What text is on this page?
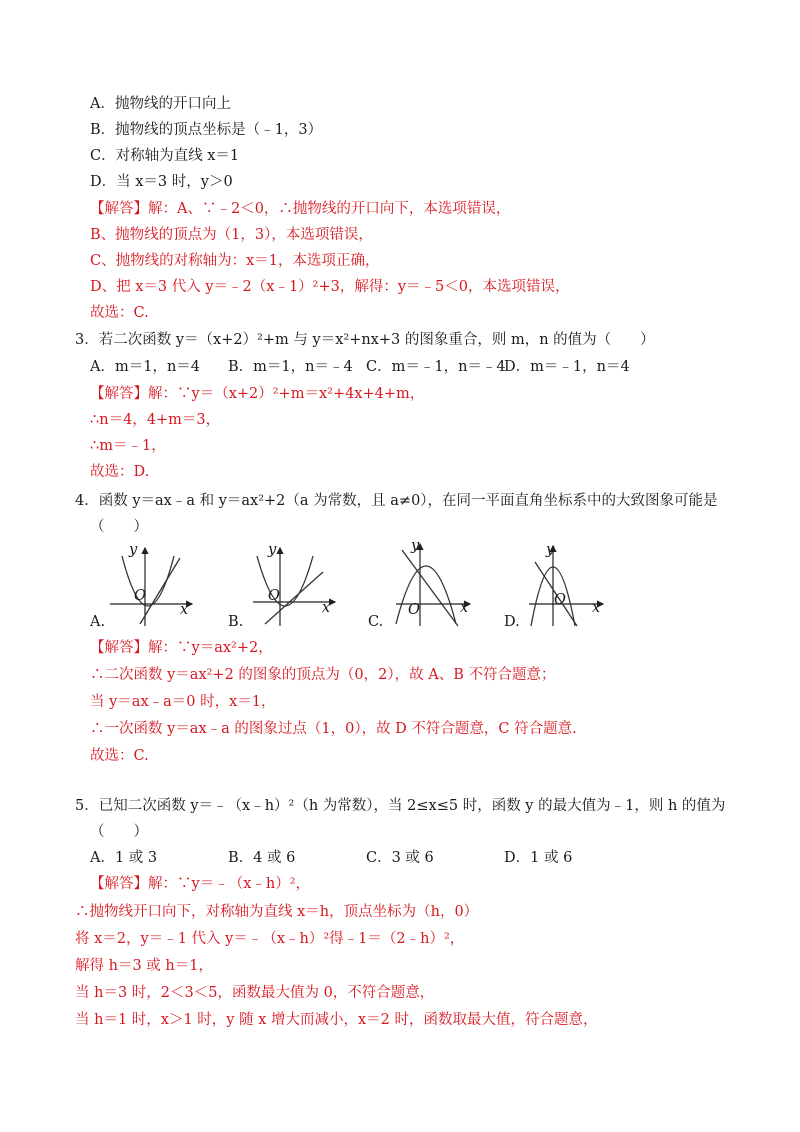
A．抛物线的开口向上
B．抛物线的顶点坐标是（﹣1，3）
C．对称轴为直线 x＝1
D．当 x＝3 时，y＞0
【解答】解：A、∵﹣2＜0，∴抛物线的开口向下，本选项错误，
B、抛物线的顶点为（1，3），本选项错误，
C、抛物线的对称轴为：x＝1，本选项正确，
D、把 x＝3 代入 y＝﹣2（x﹣1）²+3，解得：y＝﹣5＜0，本选项错误，
故选：C.
3．若二次函数 y＝（x+2）²+m 与 y＝x²+nx+3 的图象重合，则 m，n 的值为（　　）
A．m＝1，n＝4 B．m＝1，n＝﹣4 C．m＝﹣1，n＝﹣4
D．m＝﹣1，n＝4
【解答】解：∵y＝（x+2）²+m＝x²+4x+4+m，
∴n＝4，4+m＝3，
∴m＝﹣1，
故选：D.
4．函数 y＝ax﹣a 和 y＝ax²+2（a 为常数，且 a≠0），在同一平面直角坐标系中的大致图象可能是
（　　）
y
x
O
A.
y
x
O
B.
y
x
O
C.
y
x
O
D.
【解答】解：∵y＝ax²+2，
∴二次函数 y＝ax²+2 的图象的顶点为（0，2），故 A、B 不符合题意；
当 y＝ax﹣a＝0 时，x＝1，
∴一次函数 y＝ax﹣a 的图象过点（1，0），故 D 不符合题意，C 符合题意.
故选：C.
5．已知二次函数 y＝﹣（x﹣h）²（h 为常数），当 2≤x≤5 时，函数 y 的最大值为﹣1，则 h 的值为
（　　）
A．1 或 3	B．4 或 6	C．3 或 6	D．1 或 6
【解答】解：∵y＝﹣（x﹣h）²，
∴抛物线开口向下，对称轴为直线 x＝h，顶点坐标为（h，0）
将 x＝2，y＝﹣1 代入 y＝﹣（x﹣h）²得﹣1＝（2﹣h）²，
解得 h＝3 或 h＝1，
当 h＝3 时，2＜3＜5，函数最大值为 0，不符合题意，
当 h＝1 时，x＞1 时，y 随 x 增大而减小，x＝2 时，函数取最大值，符合题意，
